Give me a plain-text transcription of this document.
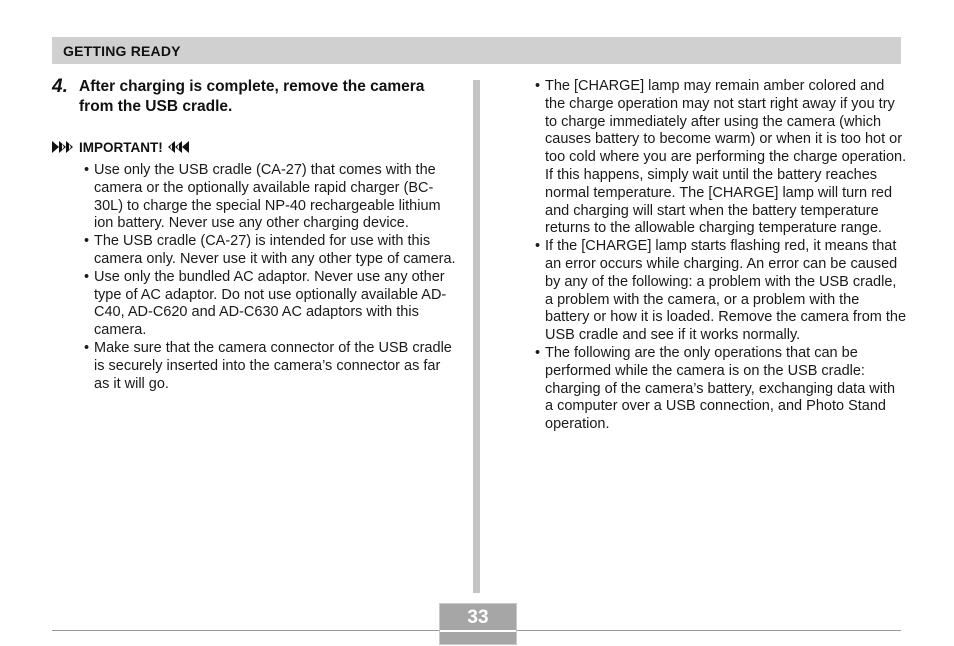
GETTING READY
4. After charging is complete, remove the camera from the USB cradle.
IMPORTANT!
• Use only the USB cradle (CA-27) that comes with the camera or the optionally available rapid charger (BC-30L) to charge the special NP-40 rechargeable lithium ion battery. Never use any other charging device.
• The USB cradle (CA-27) is intended for use with this camera only. Never use it with any other type of camera.
• Use only the bundled AC adaptor. Never use any other type of AC adaptor. Do not use optionally available AD-C40, AD-C620 and AD-C630 AC adaptors with this camera.
• Make sure that the camera connector of the USB cradle is securely inserted into the camera’s connector as far as it will go.
• The [CHARGE] lamp may remain amber colored and the charge operation may not start right away if you try to charge immediately after using the camera (which causes battery to become warm) or when it is too hot or too cold where you are performing the charge operation. If this happens, simply wait until the battery reaches normal temperature. The [CHARGE] lamp will turn red and charging will start when the battery temperature returns to the allowable charging temperature range.
• If the [CHARGE] lamp starts flashing red, it means that an error occurs while charging. An error can be caused by any of the following: a problem with the USB cradle, a problem with the camera, or a problem with the battery or how it is loaded. Remove the camera from the USB cradle and see if it works normally.
• The following are the only operations that can be performed while the camera is on the USB cradle: charging of the camera’s battery, exchanging data with a computer over a USB connection, and Photo Stand operation.
33
